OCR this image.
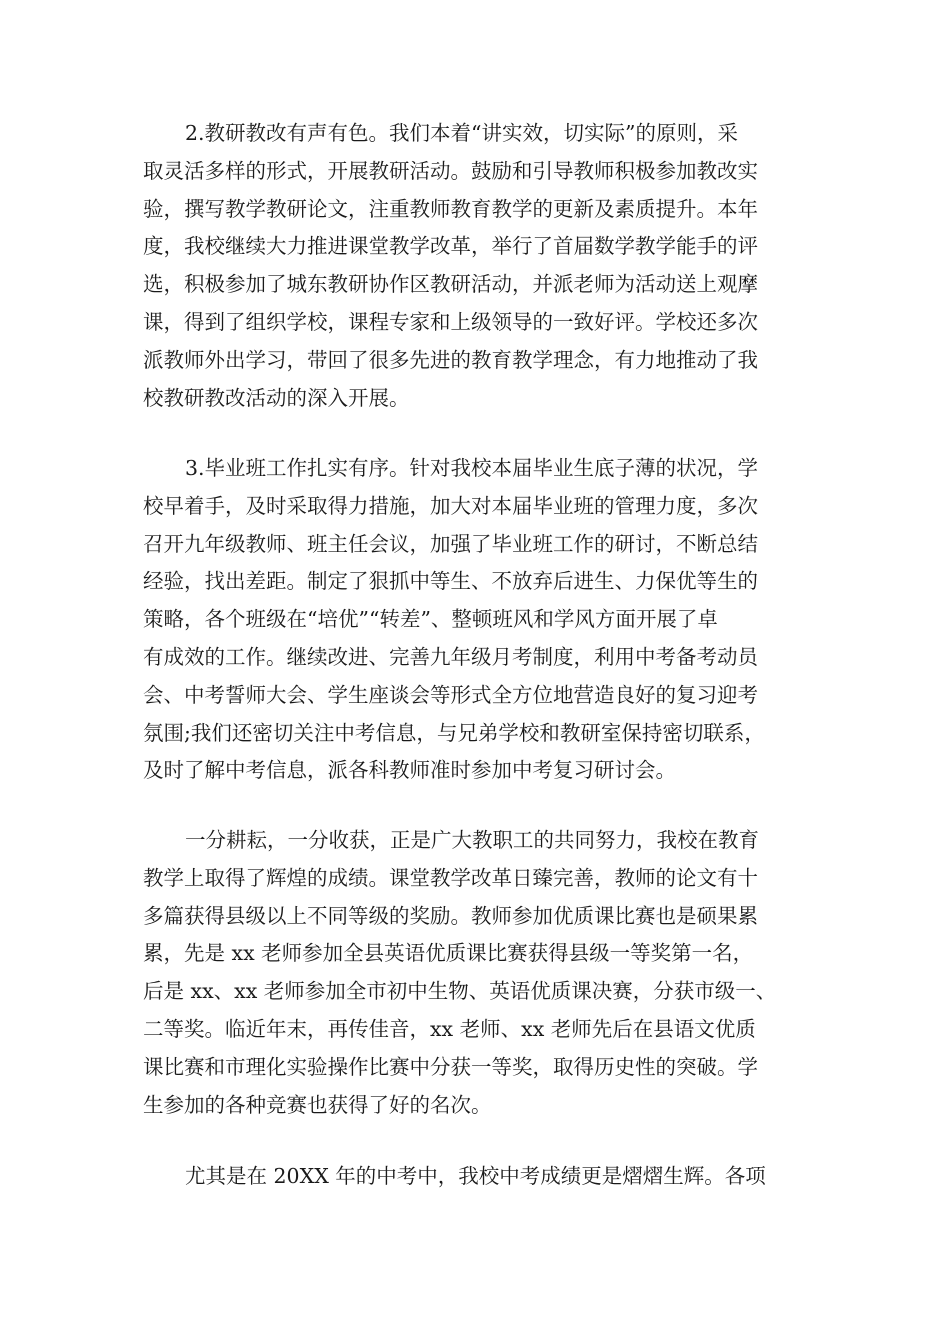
2.教研教改有声有色。我们本着“讲实效，切实际”的原则，采
取灵活多样的形式，开展教研活动。鼓励和引导教师积极参加教改实
验，撰写教学教研论文，注重教师教育教学的更新及素质提升。本年
度，我校继续大力推进课堂教学改革，举行了首届数学教学能手的评
选，积极参加了城东教研协作区教研活动，并派老师为活动送上观摩
课，得到了组织学校，课程专家和上级领导的一致好评。学校还多次
派教师外出学习，带回了很多先进的教育教学理念，有力地推动了我
校教研教改活动的深入开展。
3.毕业班工作扎实有序。针对我校本届毕业生底子薄的状况，学
校早着手，及时采取得力措施，加大对本届毕业班的管理力度，多次
召开九年级教师、班主任会议，加强了毕业班工作的研讨，不断总结
经验，找出差距。制定了狠抓中等生、不放弃后进生、力保优等生的
策略，各个班级在“培优”“转差”、整顿班风和学风方面开展了卓
有成效的工作。继续改进、完善九年级月考制度，利用中考备考动员
会、中考誓师大会、学生座谈会等形式全方位地营造良好的复习迎考
氛围;我们还密切关注中考信息，与兄弟学校和教研室保持密切联系，
及时了解中考信息，派各科教师准时参加中考复习研讨会。
一分耕耘，一分收获，正是广大教职工的共同努力，我校在教育
教学上取得了辉煌的成绩。课堂教学改革日臻完善，教师的论文有十
多篇获得县级以上不同等级的奖励。教师参加优质课比赛也是硕果累
累，先是 xx 老师参加全县英语优质课比赛获得县级一等奖第一名，
后是 xx、xx 老师参加全市初中生物、英语优质课决赛，分获市级一、
二等奖。临近年末，再传佳音，xx 老师、xx 老师先后在县语文优质
课比赛和市理化实验操作比赛中分获一等奖，取得历史性的突破。学
生参加的各种竞赛也获得了好的名次。
尤其是在 20XX 年的中考中，我校中考成绩更是熠熠生辉。各项
